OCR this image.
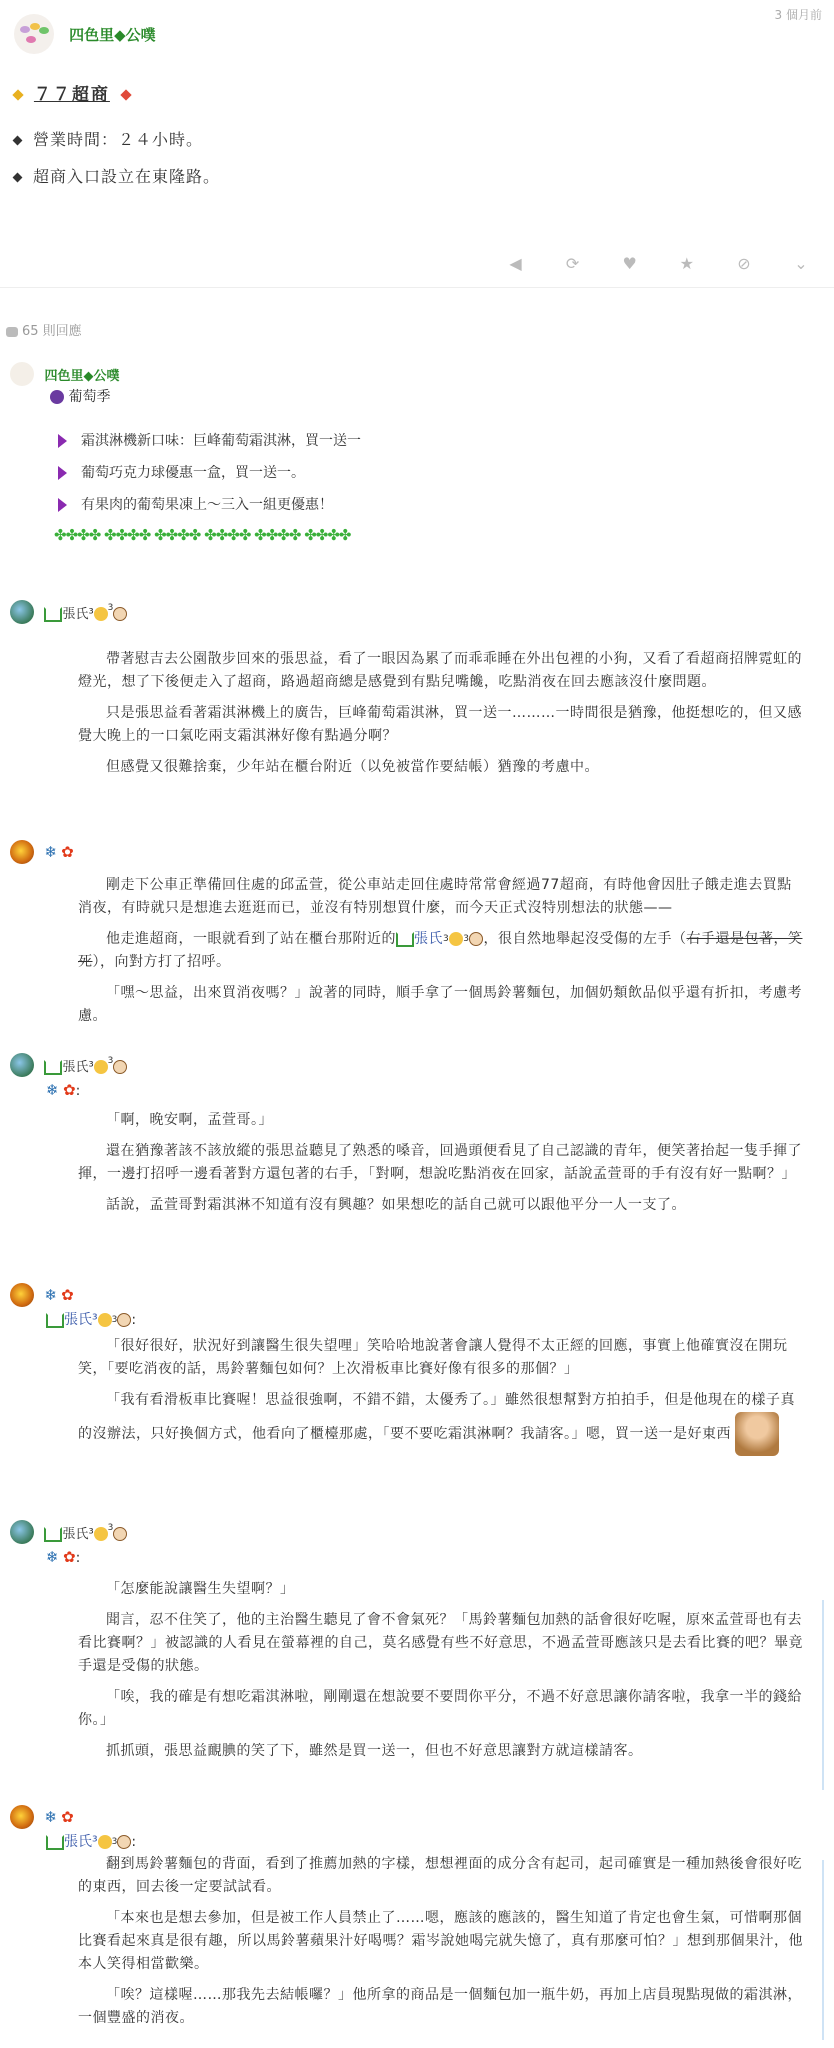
四色里◆公噗
3 個月前
７７超商
營業時間：２４小時。
超商入口設立在東隆路。
◀	⟳	♥	★	⊘	⌄
65 則回應
四色里◆公噗
葡萄季
霜淇淋機新口味：巨峰葡萄霜淇淋，買一送一
葡萄巧克力球優惠一盒，買一送一。
有果肉的葡萄果凍上～三入一組更優惠！
✤✤✤✤ ✤✤✤✤ ✤✤✤✤ ✤✤✤✤ ✤✤✤✤ ✤✤✤✤
張氏³ $^3$

帶著慰吉去公園散步回來的張思益，看了一眼因為累了而乖乖睡在外出包裡的小狗，又看了看超商招牌霓虹的燈光，想了下後便走入了超商，路過超商總是感覺到有點兒嘴饞，吃點消夜在回去應該沒什麼問題。

只是張思益看著霜淇淋機上的廣告，巨峰葡萄霜淇淋，買一送一………一時間很是猶豫，他挺想吃的，但又感覺大晚上的一口氣吃兩支霜淇淋好像有點過分啊？

但感覺又很難捨棄，少年站在櫃台附近（以免被當作要結帳）猶豫的考慮中。

❄ ✿

剛走下公車正準備回住處的邱孟萱，從公車站走回住處時常常會經過77超商，有時他會因肚子餓走進去買點消夜，有時就只是想進去逛逛而已，並沒有特別想買什麼，而今天正式沒特別想法的狀態——

他走進超商，一眼就看到了站在櫃台那附近的 張氏$^3$ $^3$ ，很自然地舉起沒受傷的左手（右手還是包著，笑死），向對方打了招呼。

「嘿～思益，出來買消夜嗎？」說著的同時，順手拿了一個馬鈴薯麵包，加個奶類飲品似乎還有折扣，考慮考慮。

張氏³ $^3$
❄ ✿:

「啊，晚安啊，孟萱哥。」

還在猶豫著該不該放縱的張思益聽見了熟悉的嗓音，回過頭便看見了自己認識的青年，便笑著抬起一隻手揮了揮，一邊打招呼一邊看著對方還包著的右手，「對啊，想說吃點消夜在回家，話說孟萱哥的手有沒有好一點啊？」

話說，孟萱哥對霜淇淋不知道有沒有興趣？如果想吃的話自己就可以跟他平分一人一支了。

❄ ✿
張氏³ $^3$ :

「很好很好，狀況好到讓醫生很失望哩」笑哈哈地說著會讓人覺得不太正經的回應，事實上他確實沒在開玩笑，「要吃消夜的話，馬鈴薯麵包如何？上次滑板車比賽好像有很多的那個？」

「我有看滑板車比賽喔！思益很強啊，不錯不錯，太優秀了。」雖然很想幫對方拍拍手，但是他現在的樣子真的沒辦法，只好換個方式，他看向了櫃檯那處，「要不要吃霜淇淋啊？我請客。」嗯，買一送一是好東西

張氏³ $^3$
❄ ✿:

「怎麼能說讓醫生失望啊？」

聞言，忍不住笑了，他的主治醫生聽見了會不會氣死？「馬鈴薯麵包加熱的話會很好吃喔，原來孟萱哥也有去看比賽啊？」被認識的人看見在螢幕裡的自己，莫名感覺有些不好意思，不過孟萱哥應該只是去看比賽的吧？畢竟手還是受傷的狀態。

「唉，我的確是有想吃霜淇淋啦，剛剛還在想說要不要問你平分，不過不好意思讓你請客啦，我拿一半的錢給你。」

抓抓頭，張思益靦腆的笑了下，雖然是買一送一，但也不好意思讓對方就這樣請客。

❄ ✿
張氏³ $^3$ :

翻到馬鈴薯麵包的背面，看到了推薦加熱的字樣，想想裡面的成分含有起司，起司確實是一種加熱後會很好吃的東西，回去後一定要試試看。

「本來也是想去參加，但是被工作人員禁止了……嗯，應該的應該的，醫生知道了肯定也會生氣，可惜啊那個比賽看起來真是很有趣，所以馬鈴薯蘋果汁好喝嗎？霜岑說她喝完就失憶了，真有那麼可怕？」想到那個果汁，他本人笑得相當歡樂。

「唉？這樣喔……那我先去結帳囉？」他所拿的商品是一個麵包加一瓶牛奶，再加上店員現點現做的霜淇淋，一個豐盛的消夜。
